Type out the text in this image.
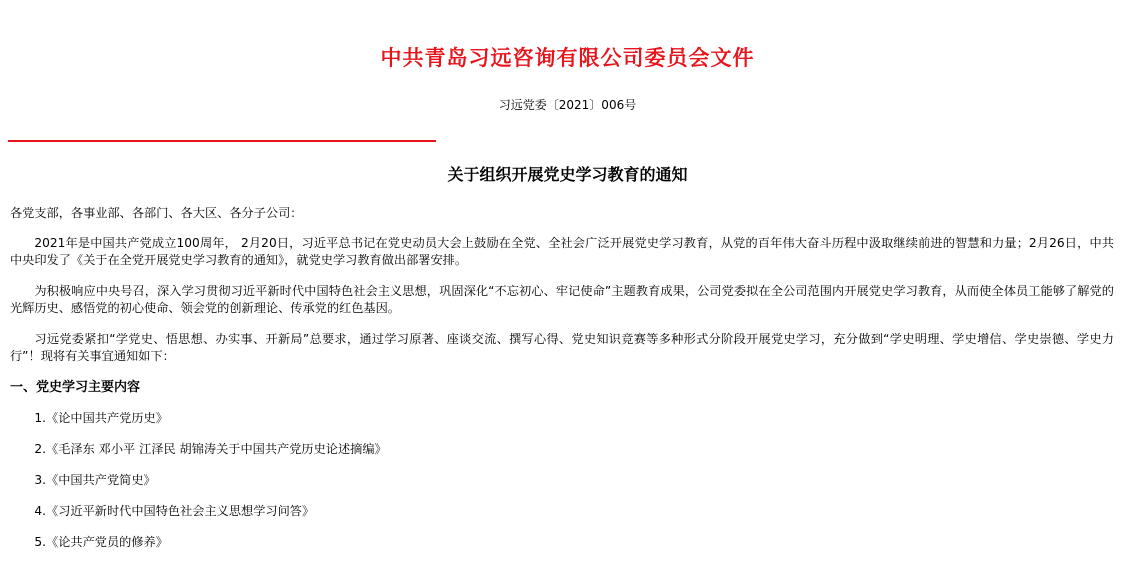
中共青岛习远咨询有限公司委员会文件
习远党委〔2021〕006号
关于组织开展党史学习教育的通知

各党支部，各事业部、各部门、各大区、各分子公司：

2021年是中国共产党成立100周年， 2月20日，习近平总书记在党史动员大会上鼓励在全党、全社会广泛开展党史学习教育，从党的百年伟大奋斗历程中汲取继续前进的智慧和力量；2月26日，中共中央印发了《关于在全党开展党史学习教育的通知》，就党史学习教育做出部署安排。

为积极响应中央号召，深入学习贯彻习近平新时代中国特色社会主义思想，巩固深化“不忘初心、牢记使命”主题教育成果，公司党委拟在全公司范围内开展党史学习教育，从而使全体员工能够了解党的光辉历史、感悟党的初心使命、领会党的创新理论、传承党的红色基因。

习远党委紧扣“学党史、悟思想、办实事、开新局”总要求，通过学习原著、座谈交流、撰写心得、党史知识竞赛等多种形式分阶段开展党史学习，充分做到“学史明理、学史增信、学史崇德、学史力行”！现将有关事宜通知如下：

一、党史学习主要内容
1.《论中国共产党历史》
2.《毛泽东 邓小平 江泽民 胡锦涛关于中国共产党历史论述摘编》
3.《中国共产党简史》
4.《习近平新时代中国特色社会主义思想学习问答》
5.《论共产党员的修养》
